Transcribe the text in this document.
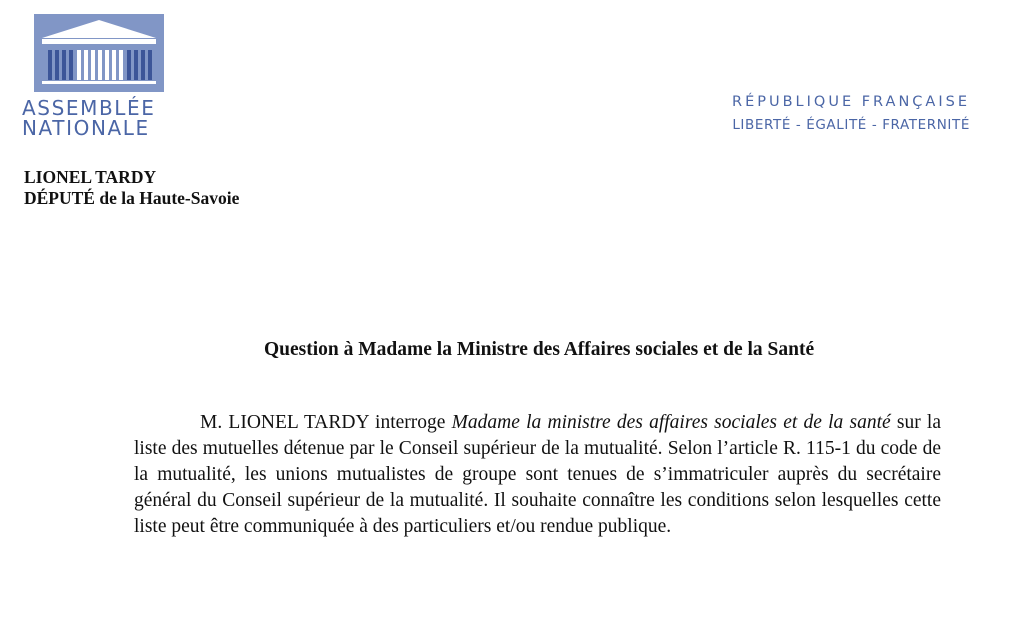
ASSEMBLÉE
NATIONALE
RÉPUBLIQUE FRANÇAISE
LIBERTÉ - ÉGALITÉ - FRATERNITÉ
LIONEL TARDY
DÉPUTÉ de la Haute-Savoie
Question à Madame la Ministre des Affaires sociales et de la Santé

M. LIONEL TARDY interroge Madame la ministre des affaires sociales et de la santé sur la liste des mutuelles détenue par le Conseil supérieur de la mutualité. Selon l’article R. 115-1 du code de la mutualité, les unions mutualistes de groupe sont tenues de s’immatriculer auprès du secrétaire général du Conseil supérieur de la mutualité. Il souhaite connaître les conditions selon lesquelles cette liste peut être communiquée à des particuliers et/ou rendue publique.
